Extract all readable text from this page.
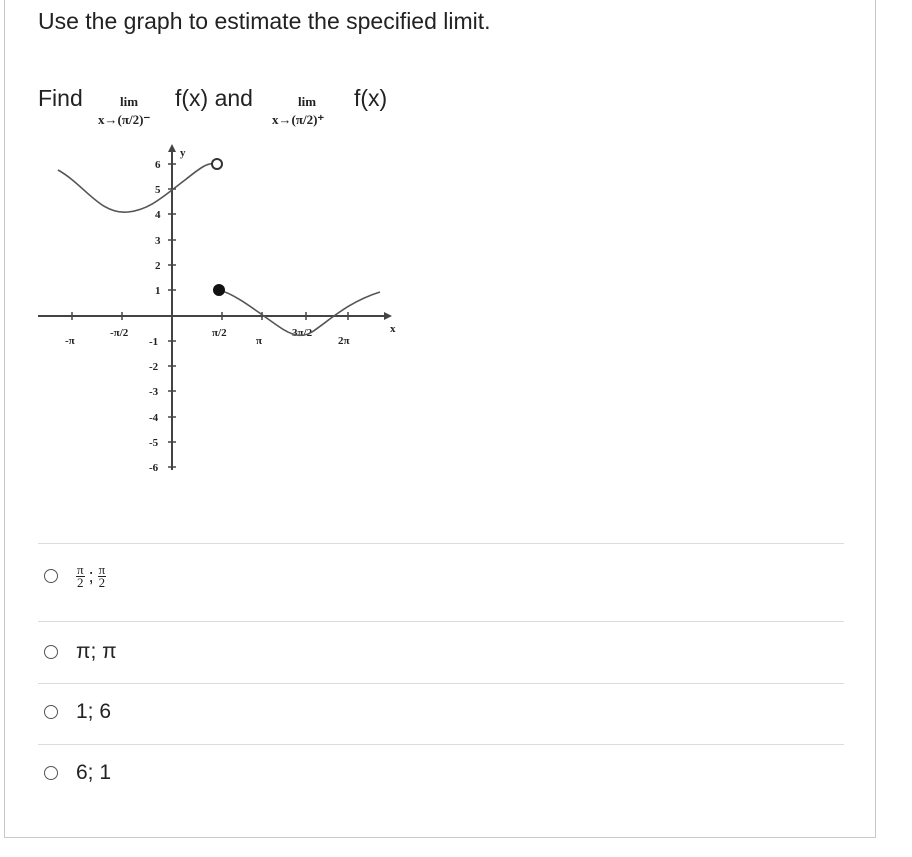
Use the graph to estimate the specified limit.
Find	lim
x→(π/2)⁻
f(x) and	lim
x→(π/2)⁺
f(x)
y
x
6
5
4
3
2
1
-1
-2
-3
-4
-5
-6
-π
-π/2	π/2
π
3π/2
2π
$\frac{\pi}{2}$ ; $\frac{\pi}{2}$
π; π
1; 6
6; 1
